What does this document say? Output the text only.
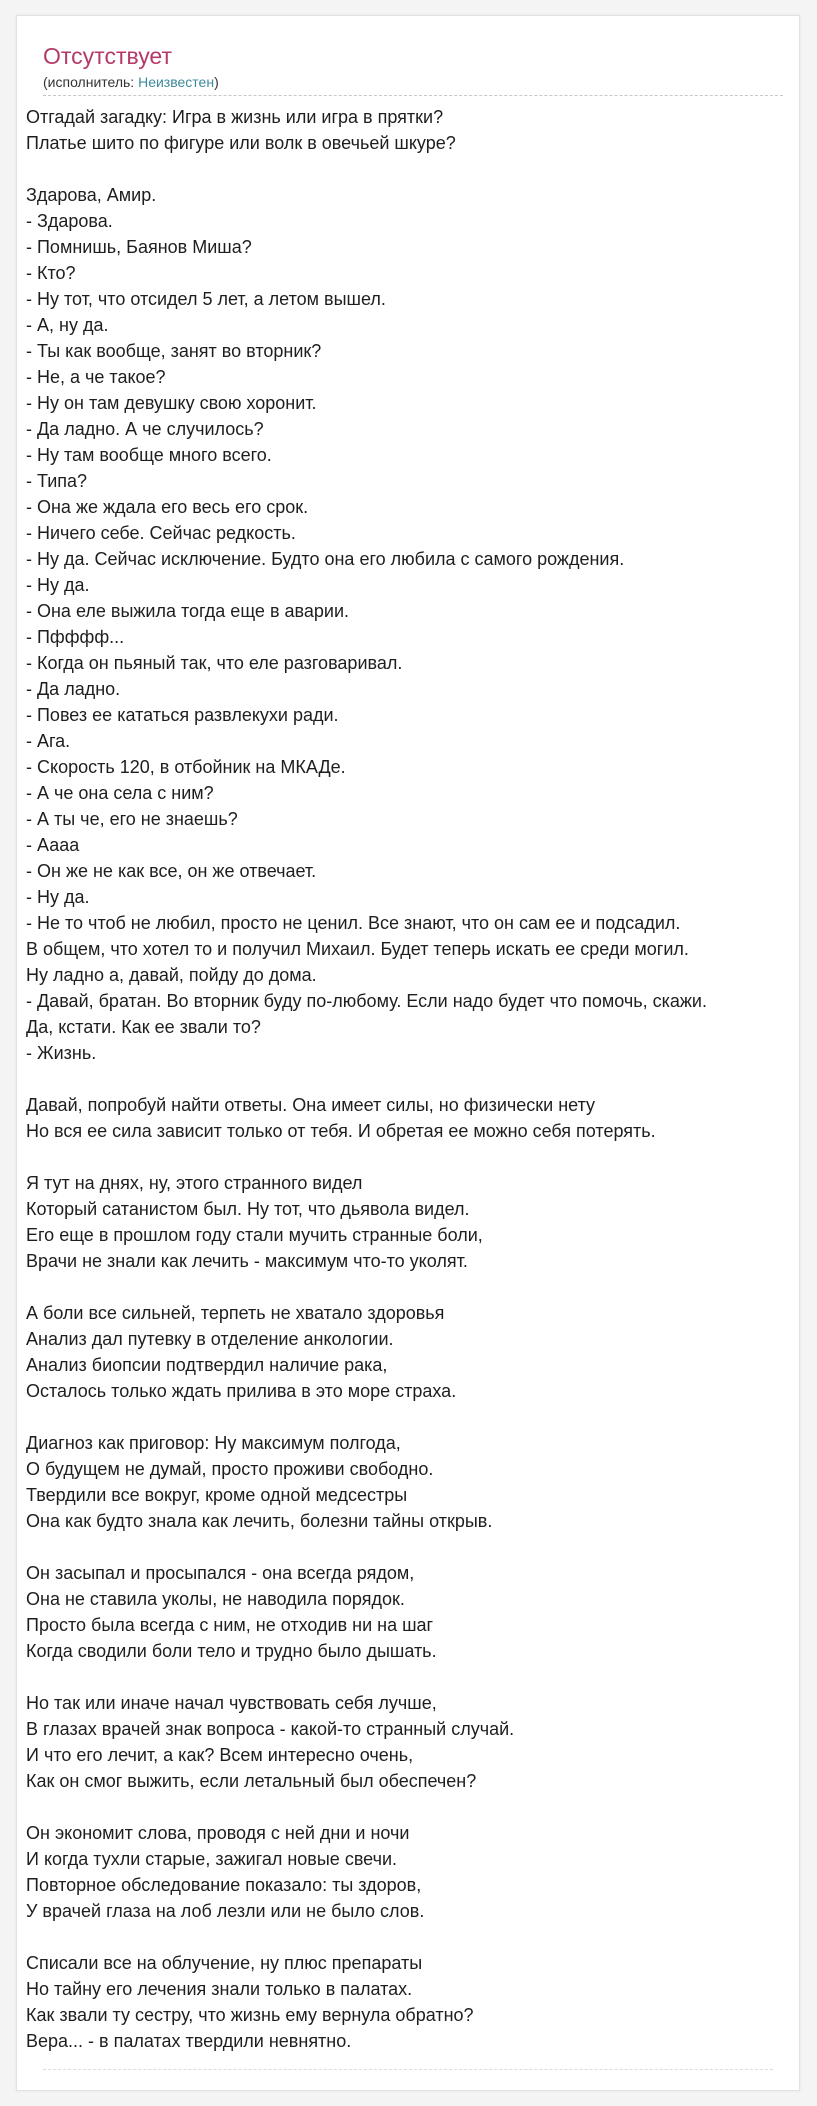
Отсутствует
(исполнитель: Неизвестен)
Отгадай загадку: Игра в жизнь или игра в прятки?
Платье шито по фигуре или волк в овечьей шкуре?
Здарова, Амир.
- Здарова.
- Помнишь, Баянов Миша?
- Кто?
- Ну тот, что отсидел 5 лет, а летом вышел.
- А, ну да.
- Ты как вообще, занят во вторник?
- Не, а че такое?
- Ну он там девушку свою хоронит.
- Да ладно. А че случилось?
- Ну там вообще много всего.
- Типа?
- Она же ждала его весь его срок.
- Ничего себе. Сейчас редкость.
- Ну да. Сейчас исключение. Будто она его любила с самого рождения.
- Ну да.
- Она еле выжила тогда еще в аварии.
- Пфффф...
- Когда он пьяный так, что еле разговаривал.
- Да ладно.
- Повез ее кататься развлекухи ради.
- Ага.
- Скорость 120, в отбойник на МКАДе.
- А че она села с ним?
- А ты че, его не знаешь?
- Аааа
- Он же не как все, он же отвечает.
- Ну да.
- Не то чтоб не любил, просто не ценил. Все знают, что он сам ее и подсадил.
В общем, что хотел то и получил Михаил. Будет теперь искать ее среди могил.
Ну ладно а, давай, пойду до дома.
- Давай, братан. Во вторник буду по-любому. Если надо будет что помочь, скажи.
Да, кстати. Как ее звали то?
- Жизнь.
Давай, попробуй найти ответы. Она имеет силы, но физически нету
Но вся ее сила зависит только от тебя. И обретая ее можно себя потерять.
Я тут на днях, ну, этого странного видел
Который сатанистом был. Ну тот, что дьявола видел.
Его еще в прошлом году стали мучить странные боли,
Врачи не знали как лечить - максимум что-то уколят.
А боли все сильней, терпеть не хватало здоровья
Анализ дал путевку в отделение анкологии.
Анализ биопсии подтвердил наличие рака,
Осталось только ждать прилива в это море страха.
Диагноз как приговор: Ну максимум полгода,
О будущем не думай, просто проживи свободно.
Твердили все вокруг, кроме одной медсестры
Она как будто знала как лечить, болезни тайны открыв.
Он засыпал и просыпался - она всегда рядом,
Она не ставила уколы, не наводила порядок.
Просто была всегда с ним, не отходив ни на шаг
Когда сводили боли тело и трудно было дышать.
Но так или иначе начал чувствовать себя лучше,
В глазах врачей знак вопроса - какой-то странный случай.
И что его лечит, а как? Всем интересно очень,
Как он смог выжить, если летальный был обеспечен?
Он экономит слова, проводя с ней дни и ночи
И когда тухли старые, зажигал новые свечи.
Повторное обследование показало: ты здоров,
У врачей глаза на лоб лезли или не было слов.
Списали все на облучение, ну плюс препараты
Но тайну его лечения знали только в палатах.
Как звали ту сестру, что жизнь ему вернула обратно?
Вера... - в палатах твердили невнятно.
